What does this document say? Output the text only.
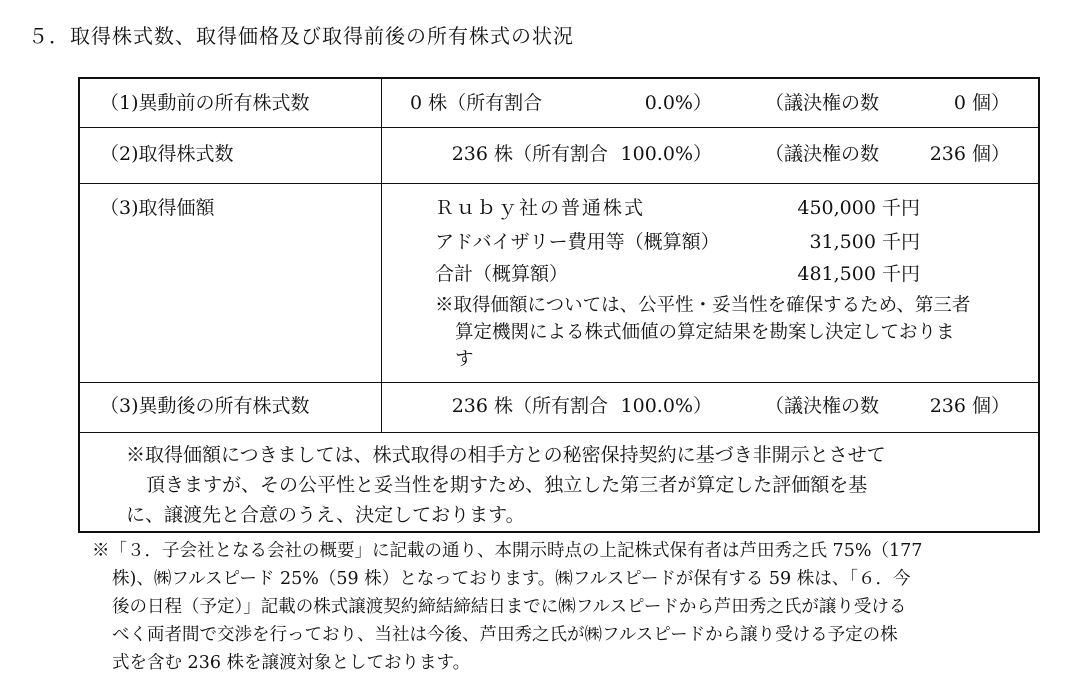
５．取得株式数、取得価格及び取得前後の所有株式の状況
（1)異動前の所有株式数	0 株（所有割合	0.0%）	（議決権の数	0 個）
（2)取得株式数	236 株（所有割合 100.0%）	（議決権の数	236 個）
（3)取得価額	Ｒｕｂｙ社の普通株式	450,000 千円
アドバイザリー費用等（概算額）	31,500 千円
合計（概算額）	481,500 千円
※取得価額については、公平性・妥当性を確保するため、第三者
算定機関による株式価値の算定結果を勘案し決定しておりま
す
（3)異動後の所有株式数	236 株（所有割合 100.0%）	（議決権の数	236 個）
※取得価額につきましては、株式取得の相手方との秘密保持契約に基づき非開示とさせて
頂きますが、その公平性と妥当性を期すため、独立した第三者が算定した評価額を基
に、譲渡先と合意のうえ、決定しております。
※「３．子会社となる会社の概要」に記載の通り、本開示時点の上記株式保有者は芦田秀之氏 75%（177
株)、㈱フルスピード 25%（59 株）となっております。㈱フルスピードが保有する 59 株は、「６．今
後の日程（予定）」記載の株式譲渡契約締結締結日までに㈱フルスピードから芦田秀之氏が譲り受ける
べく両者間で交渉を行っており、当社は今後、芦田秀之氏が㈱フルスピードから譲り受ける予定の株
式を含む 236 株を譲渡対象としております。
